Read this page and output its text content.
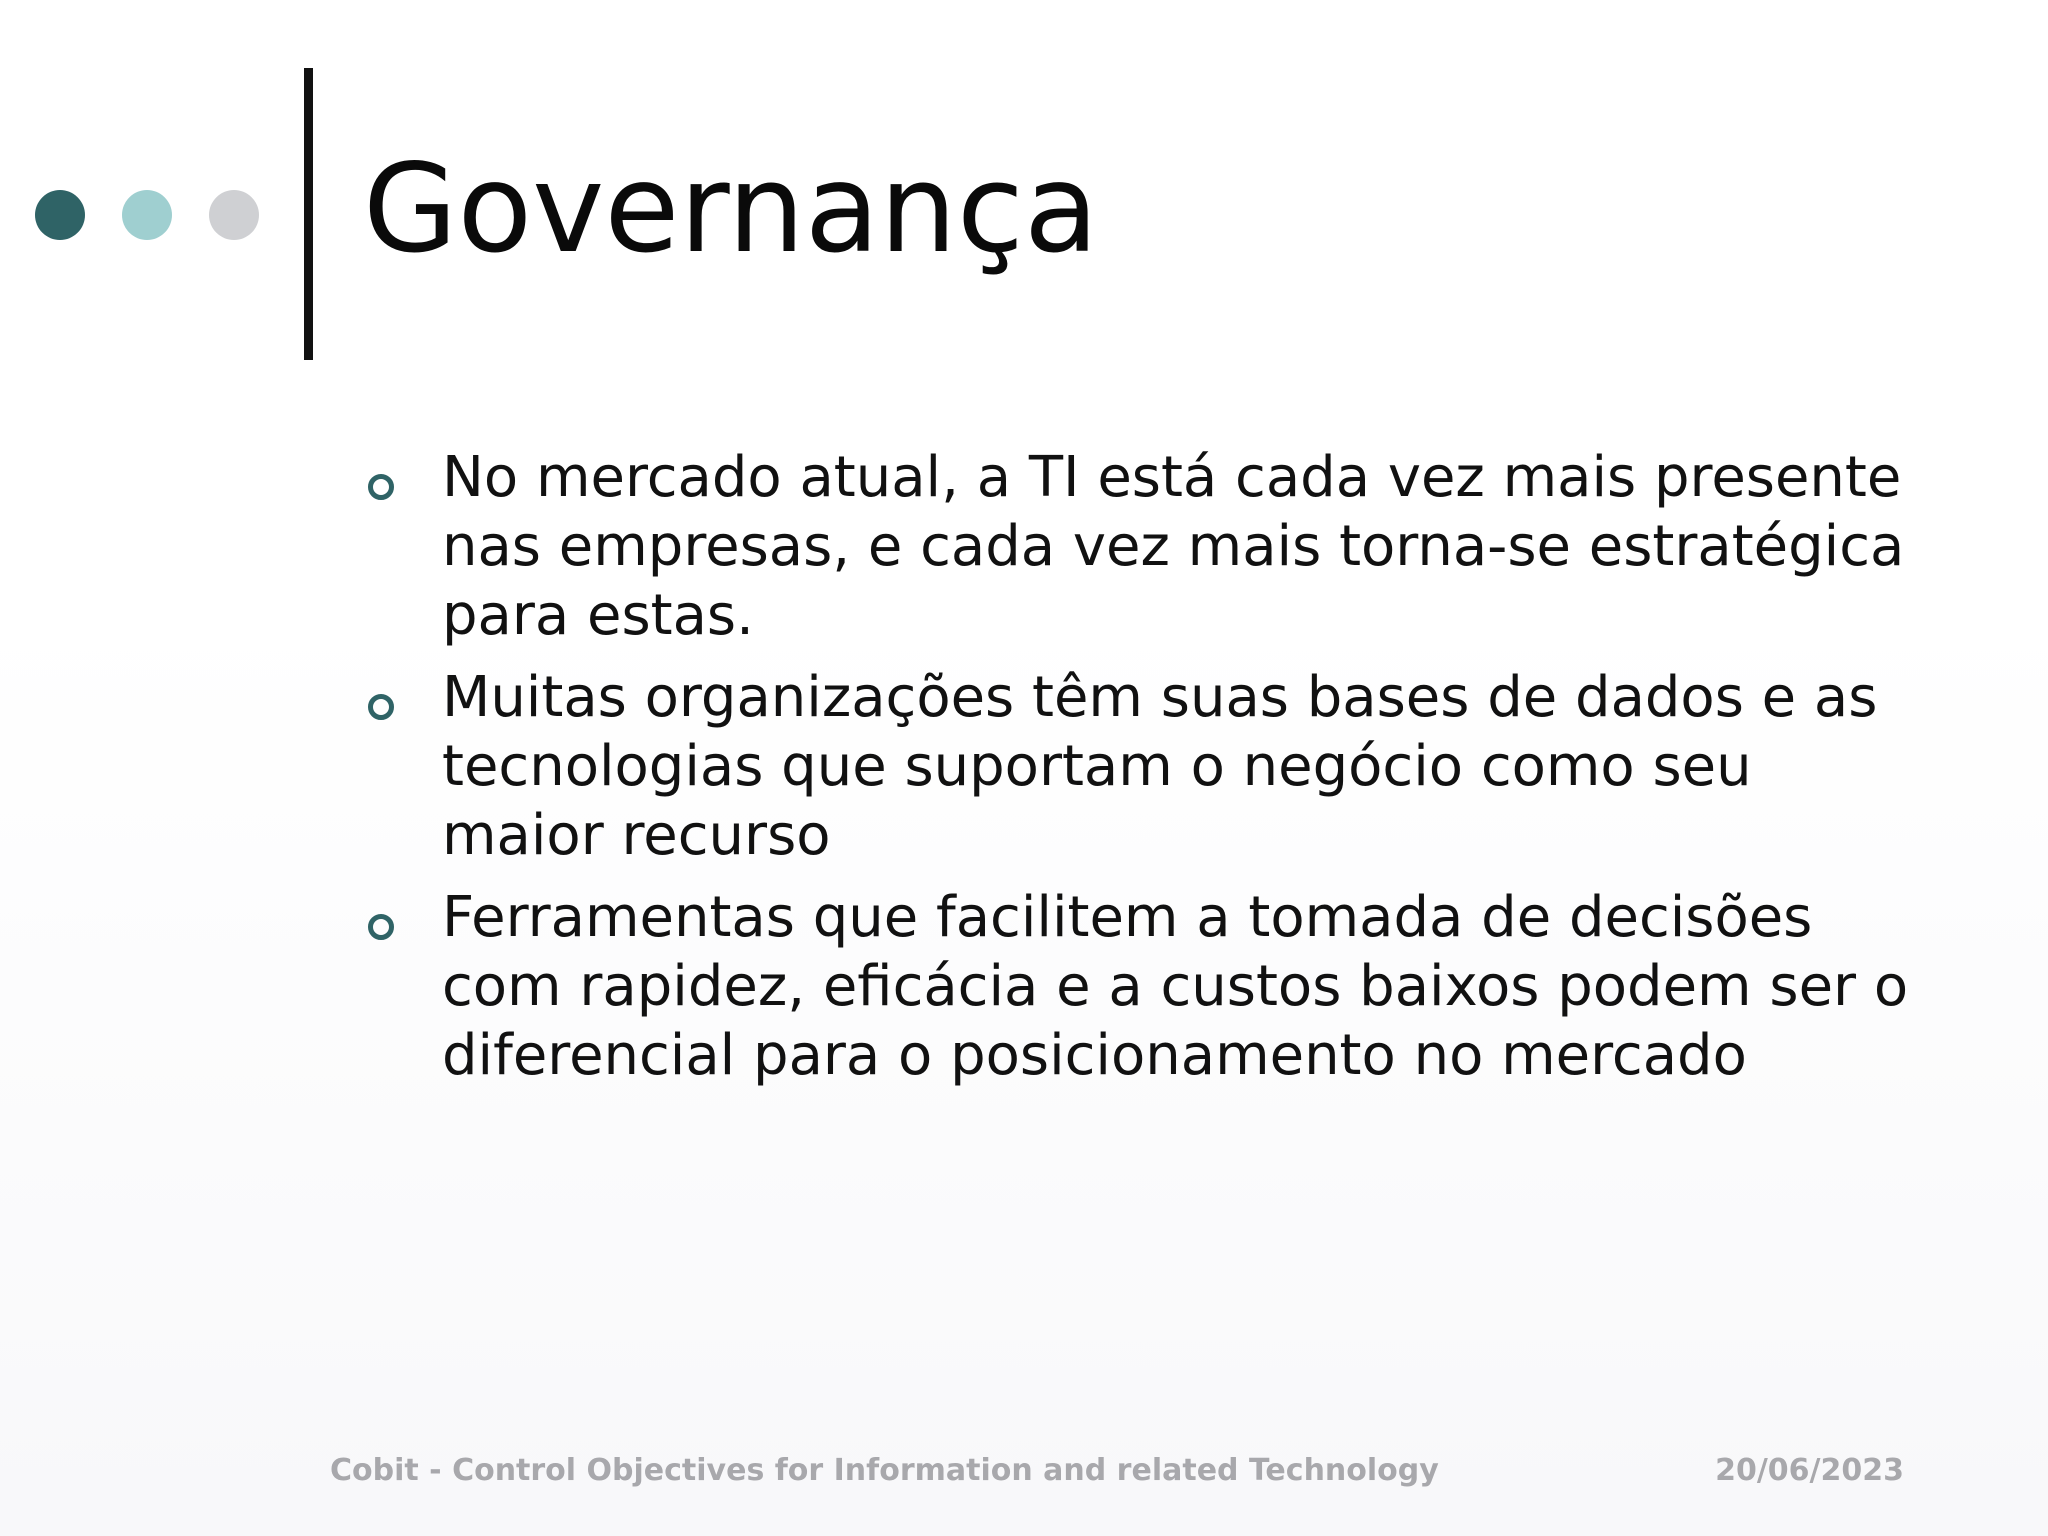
Governança
No mercado atual, a TI está cada vez mais presente nas empresas, e cada vez mais torna-se estratégica para estas.
Muitas organizações têm suas bases de dados e as tecnologias que suportam o negócio como seu maior recurso
Ferramentas que facilitem a tomada de decisões com rapidez, eficácia e a custos baixos podem ser o diferencial para o posicionamento no mercado
Cobit - Control Objectives for Information and related Technology	20/06/2023
